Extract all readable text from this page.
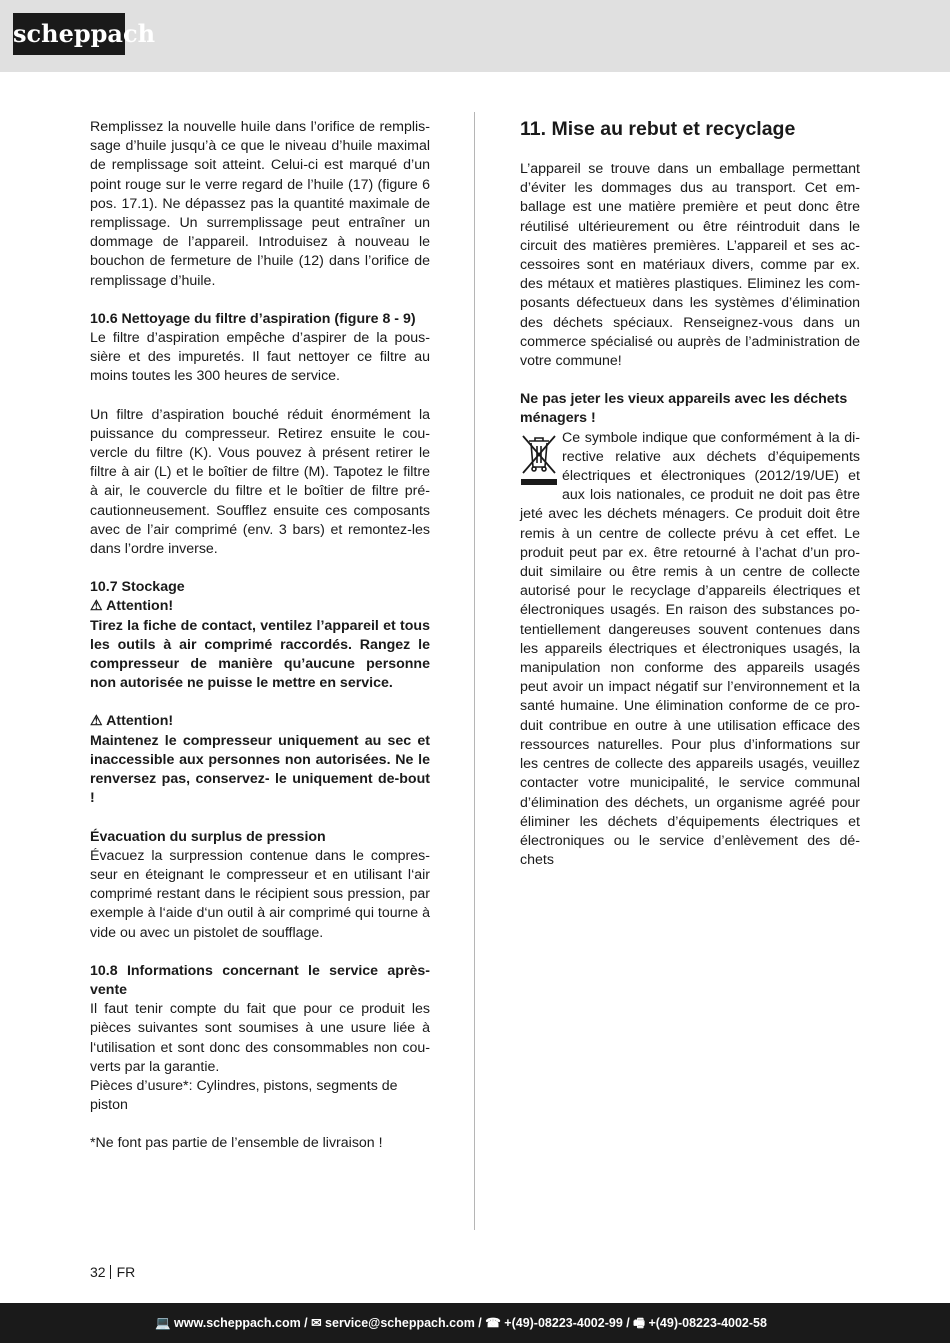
scheppach

Remplissez la nouvelle huile dans l’orifice de remplis-sage d’huile jusqu’à ce que le niveau d’huile maximal de remplissage soit atteint. Celui-ci est marqué d’un point rouge sur le verre regard de l’huile (17) (figure 6 pos. 17.1). Ne dépassez pas la quantité maximale de remplissage. Un surremplissage peut entraîner un dommage de l’appareil. Introduisez à nouveau le bouchon de fermeture de l’huile (12) dans l’orifice de remplissage d’huile.

10.6 Nettoyage du filtre d’aspiration (figure 8 - 9)

Le filtre d’aspiration empêche d’aspirer de la pous-sière et des impuretés. Il faut nettoyer ce filtre au moins toutes les 300 heures de service.

Un filtre d’aspiration bouché réduit énormément la puissance du compresseur. Retirez ensuite le cou-vercle du filtre (K). Vous pouvez à présent retirer le filtre à air (L) et le boîtier de filtre (M). Tapotez le filtre à air, le couvercle du filtre et le boîtier de filtre pré-cautionneusement. Soufflez ensuite ces composants avec de l’air comprimé (env. 3 bars) et remontez-les dans l’ordre inverse.

10.7 Stockage

⚠ Attention!

Tirez la fiche de contact, ventilez l’appareil et tous les outils à air comprimé raccordés. Rangez le compresseur de manière qu’aucune personne non autorisée ne puisse le mettre en service.

⚠ Attention!

Maintenez le compresseur uniquement au sec et inaccessible aux personnes non autorisées. Ne le renversez pas, conservez- le uniquement de-bout !

Évacuation du surplus de pression

Évacuez la surpression contenue dans le compres-seur en éteignant le compresseur et en utilisant l‘air comprimé restant dans le récipient sous pression, par exemple à l‘aide d‘un outil à air comprimé qui tourne à vide ou avec un pistolet de soufflage.

10.8 Informations concernant le service après-vente

Il faut tenir compte du fait que pour ce produit les pièces suivantes sont soumises à une usure liée à l‘utilisation et sont donc des consommables non cou-verts par la garantie.

Pièces d’usure*: Cylindres, pistons, segments de piston

*Ne font pas partie de l’ensemble de livraison !

11. Mise au rebut et recyclage

L’appareil se trouve dans un emballage permettant d’éviter les dommages dus au transport. Cet em-ballage est une matière première et peut donc être réutilisé ultérieurement ou être réintroduit dans le circuit des matières premières. L’appareil et ses ac-cessoires sont en matériaux divers, comme par ex. des métaux et matières plastiques. Eliminez les com-posants défectueux dans les systèmes d’élimination des déchets spéciaux. Renseignez-vous dans un commerce spécialisé ou auprès de l’administration de votre commune!

Ne pas jeter les vieux appareils avec les déchets ménagers !

Ce symbole indique que conformément à la di-rective relative aux déchets d’équipements électriques et électroniques (2012/19/UE) et aux lois nationales, ce produit ne doit pas être jeté avec les déchets ménagers. Ce produit doit être remis à un centre de collecte prévu à cet effet. Le produit peut par ex. être retourné à l’achat d’un pro-duit similaire ou être remis à un centre de collecte autorisé pour le recyclage d’appareils électriques et électroniques usagés. En raison des substances po-tentiellement dangereuses souvent contenues dans les appareils électriques et électroniques usagés, la manipulation non conforme des appareils usagés peut avoir un impact négatif sur l’environnement et la santé humaine. Une élimination conforme de ce pro-duit contribue en outre à une utilisation efficace des ressources naturelles. Pour plus d’informations sur les centres de collecte des appareils usagés, veuillez contacter votre municipalité, le service communal d’élimination des déchets, un organisme agréé pour éliminer les déchets d’équipements électriques et électroniques ou le service d’enlèvement des dé-chets

32 FR
💻 www.scheppach.com / ✉ service@scheppach.com / ☎ +(49)-08223-4002-99 / 🖷 +(49)-08223-4002-58
